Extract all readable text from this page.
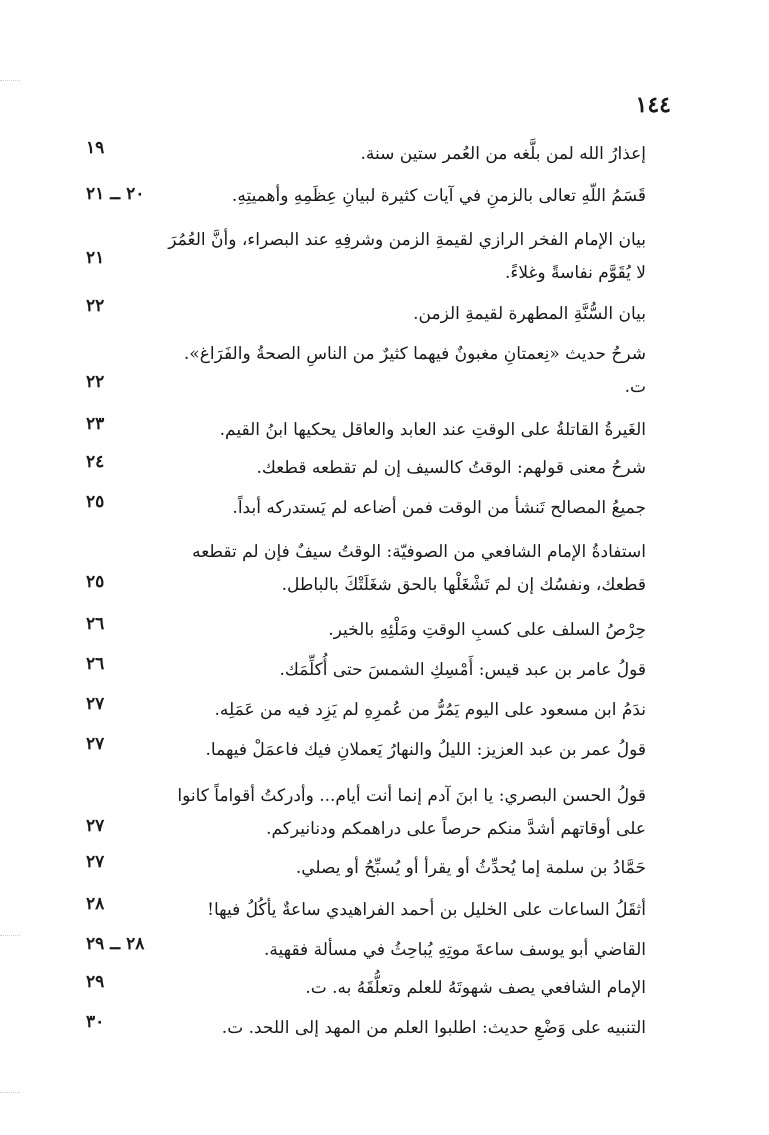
١٤٤
إعذارُ الله لمن بلَّغه من العُمر ستين سنة.
١٩
قَسَمُ اللّهِ تعالى بالزمنِ في آيات كثيرة لبيانِ عِظَمِهِ وأهميتِهِ.
٢٠ ــ ٢١
بيان الإمام الفخر الرازي لقيمةِ الزمن وشرفِهِ عند البصراء، وأنَّ العُمُرَ
لا يُقَوَّم نفاسةً وغلاءً.
٢١
بيان السُّنَّةِ المطهرة لقيمةِ الزمن.
٢٢
شرحُ حديث «نِعمتانِ مغبونٌ فيهما كثيرٌ من الناسِ الصحةُ والفَرَاغ».
ت.
٢٢
الغَيرةُ القاتلةُ على الوقتِ عند العابد والعاقل يحكيها ابنُ القيم.
٢٣
شرحُ معنى قولهم: الوقتُ كالسيف إن لم تقطعه قطعك.
٢٤
جميعُ المصالح تَنشأ من الوقت فمن أضاعه لم يَستدركه أبداً.
٢٥
استفادةُ الإمام الشافعي من الصوفيّة: الوقتُ سيفٌ فإن لم تقطعه
قطعك، ونفسُك إن لم تَشْغَلْها بالحق شغَلَتْكَ بالباطل.
٢٥
حِرْصُ السلف على كسبِ الوقتِ ومَلْئِهِ بالخير.
٢٦
قولُ عامر بن عبد قيس: أَمْسِكِ الشمسَ حتى أُكلِّمَك.
٢٦
ندَمُ ابن مسعود على اليوم يَمُرُّ من عُمرِهِ لم يَزِد فيه من عَمَلِه.
٢٧
قولُ عمر بن عبد العزيز: الليلُ والنهارُ يَعملانِ فيك فاعمَلْ فيهما.
٢٧
قولُ الحسن البصري: يا ابنَ آدم إنما أنت أيام... وأدركتُ أقواماً كانوا
على أوقاتهم أشدَّ منكم حرصاً على دراهمكم ودنانيركم.
٢٧
حَمَّادُ بن سلمة إما يُحدِّثُ أو يقرأ أو يُسبِّحُ أو يصلي.
٢٧
أثقَلُ الساعات على الخليل بن أحمد الفراهيدي ساعةٌ يأكُلُ فيها!
٢٨
القاضي أبو يوسف ساعةَ موتِهِ يُباحِثُ في مسألة فقهية.
٢٨ ــ ٢٩
الإمام الشافعي يصف شهوتَهُ للعلم وتعلُّقَهُ به. ت.
٢٩
التنبيه على وَضْعِ حديث: اطلبوا العلم من المهد إلى اللحد. ت.
٣٠
